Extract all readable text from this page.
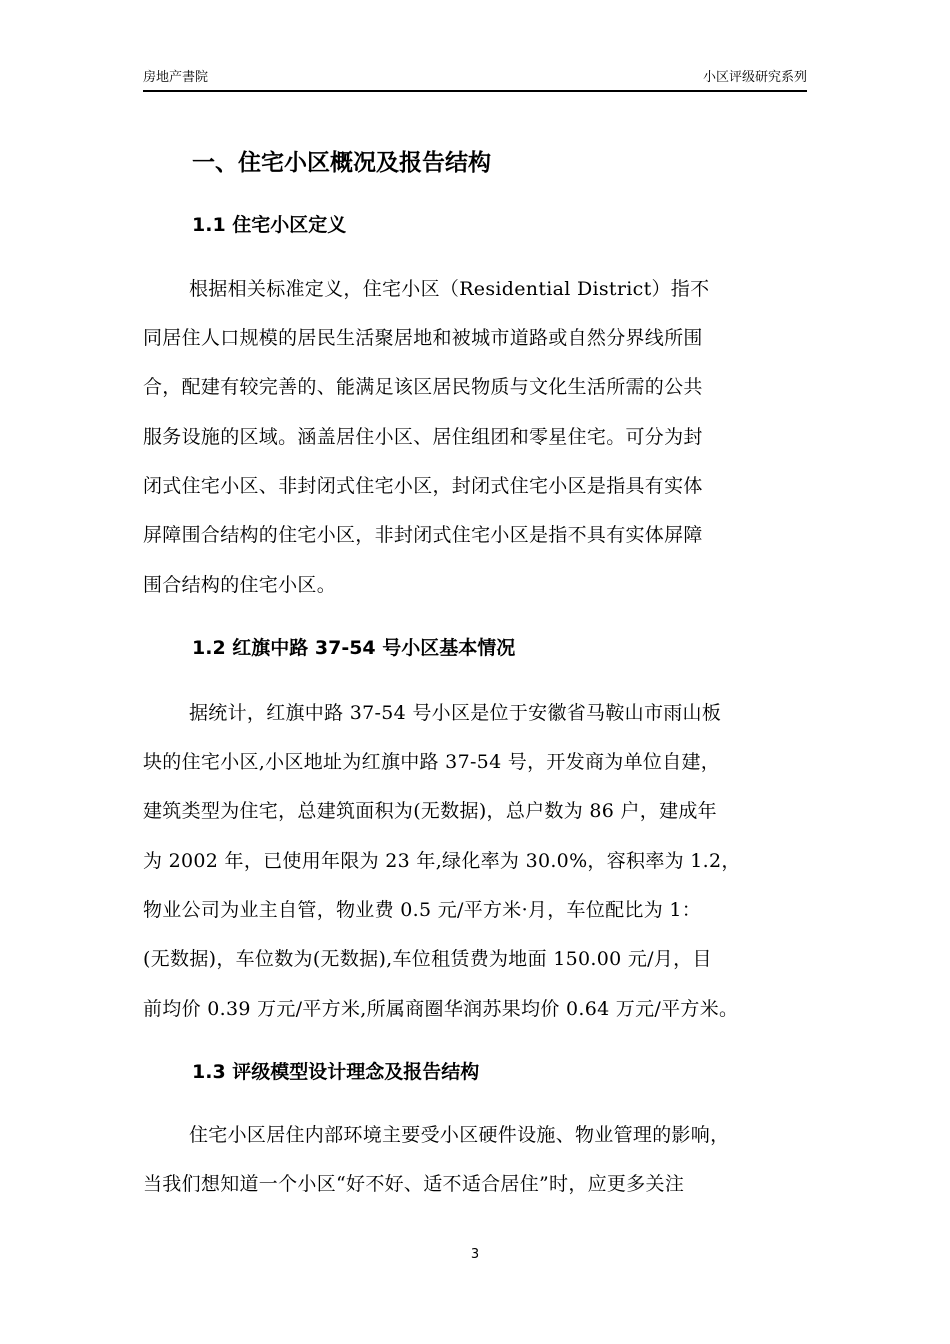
房地产書院	小区评级研究系列
一、住宅小区概况及报告结构
1.1 住宅小区定义
根据相关标准定义，住宅小区（Residential District）指不
同居住人口规模的居民生活聚居地和被城市道路或自然分界线所围
合，配建有较完善的、能满足该区居民物质与文化生活所需的公共
服务设施的区域。涵盖居住小区、居住组团和零星住宅。可分为封
闭式住宅小区、非封闭式住宅小区，封闭式住宅小区是指具有实体
屏障围合结构的住宅小区，非封闭式住宅小区是指不具有实体屏障
围合结构的住宅小区。
1.2 红旗中路 37-54 号小区基本情况
据统计，红旗中路 37-54 号小区是位于安徽省马鞍山市雨山板
块的住宅小区,小区地址为红旗中路 37-54 号，开发商为单位自建，
建筑类型为住宅，总建筑面积为(无数据)，总户数为 86 户，建成年
为 2002 年，已使用年限为 23 年,绿化率为 30.0%，容积率为 1.2，
物业公司为业主自管，物业费 0.5 元/平方米·月，车位配比为 1：
(无数据)，车位数为(无数据),车位租赁费为地面 150.00 元/月，目
前均价 0.39 万元/平方米,所属商圈华润苏果均价 0.64 万元/平方米。
1.3 评级模型设计理念及报告结构
住宅小区居住内部环境主要受小区硬件设施、物业管理的影响，
当我们想知道一个小区“好不好、适不适合居住”时，应更多关注
3
